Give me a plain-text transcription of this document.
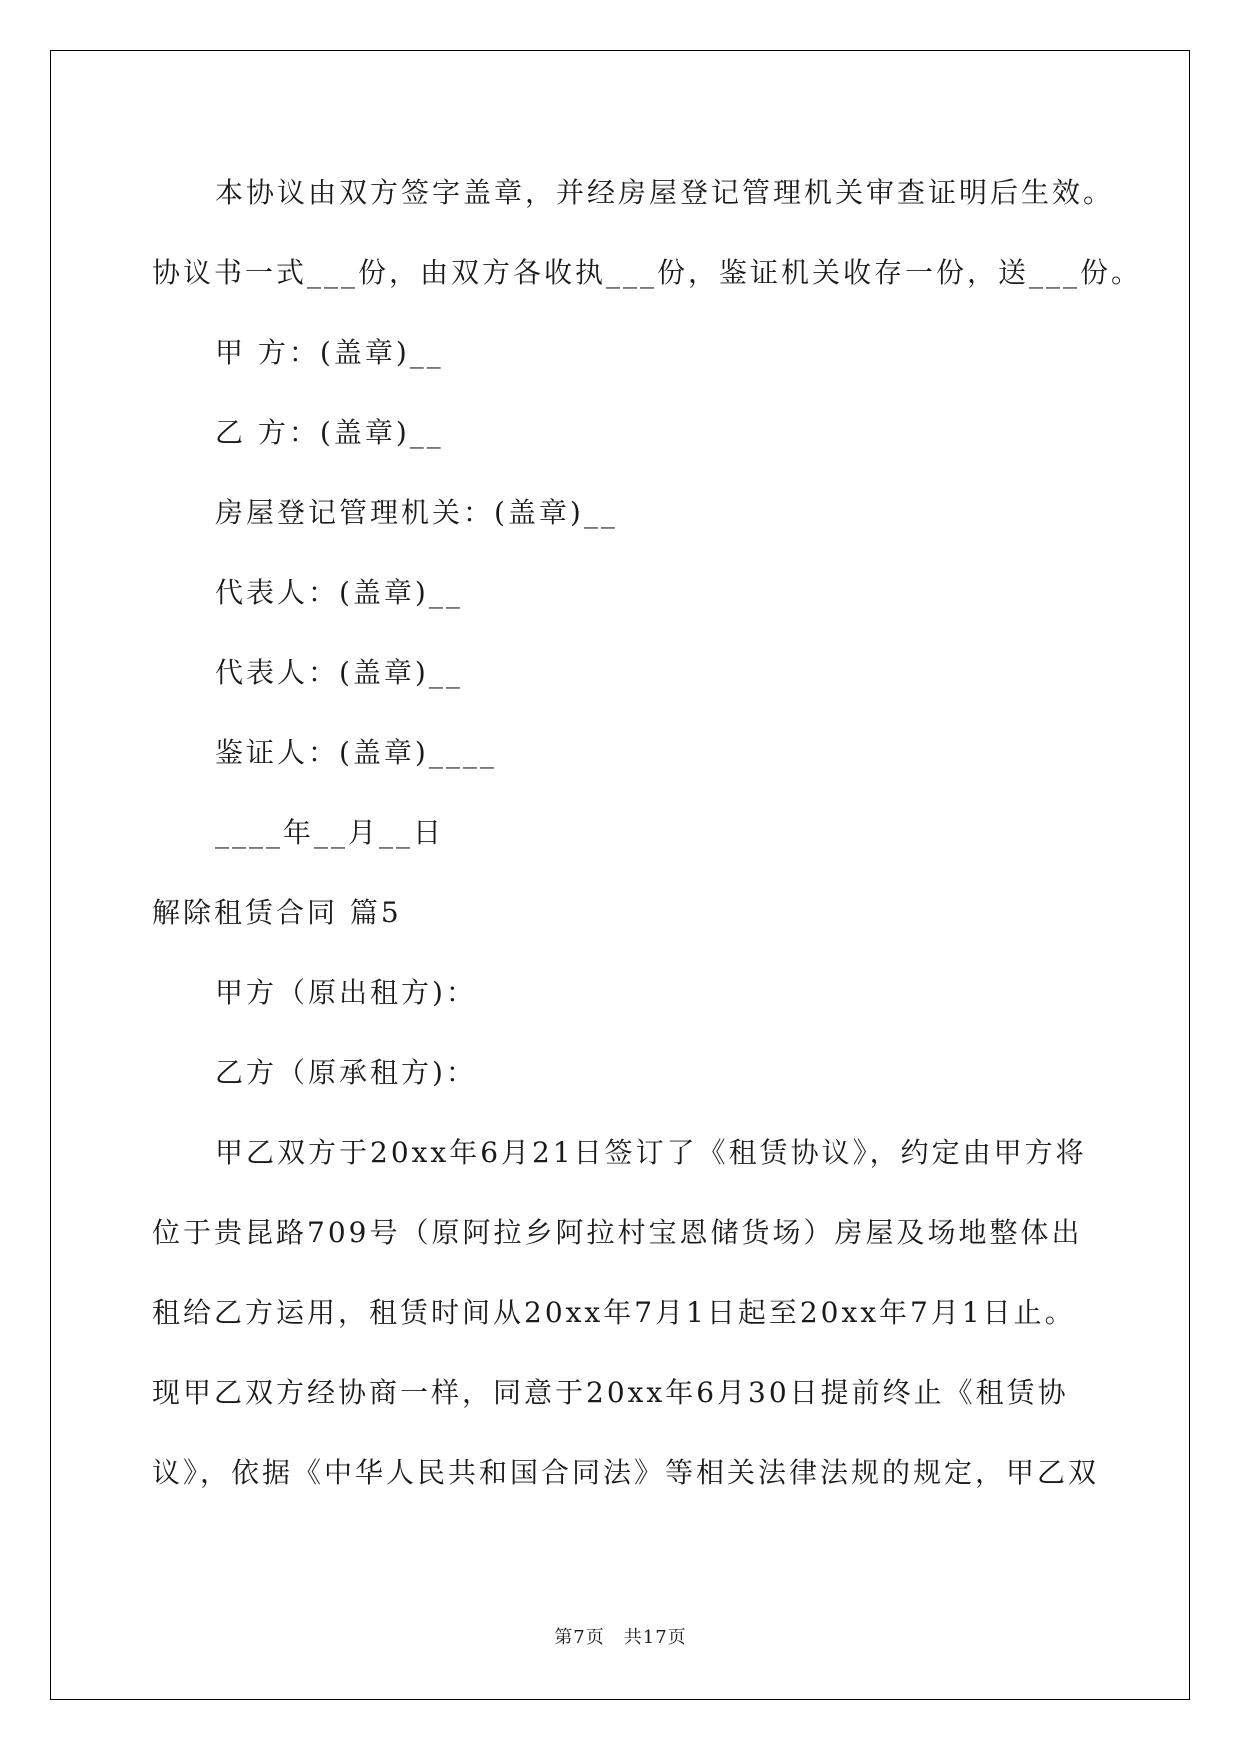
本协议由双方签字盖章，并经房屋登记管理机关审查证明后生效。
协议书一式___份，由双方各收执___份，鉴证机关收存一份，送___份。
甲 方：(盖章)__
乙 方：(盖章)__
房屋登记管理机关：(盖章)__
代表人：(盖章)__
代表人：(盖章)__
鉴证人：(盖章)____
____年__月__日
解除租赁合同 篇5
甲方（原出租方)：
乙方（原承租方)：
甲乙双方于20xx年6月21日签订了《租赁协议》，约定由甲方将
位于贵昆路709号（原阿拉乡阿拉村宝恩储货场）房屋及场地整体出
租给乙方运用，租赁时间从20xx年7月1日起至20xx年7月1日止。
现甲乙双方经协商一样，同意于20xx年6月30日提前终止《租赁协
议》，依据《中华人民共和国合同法》等相关法律法规的规定，甲乙双
第7页　共17页
